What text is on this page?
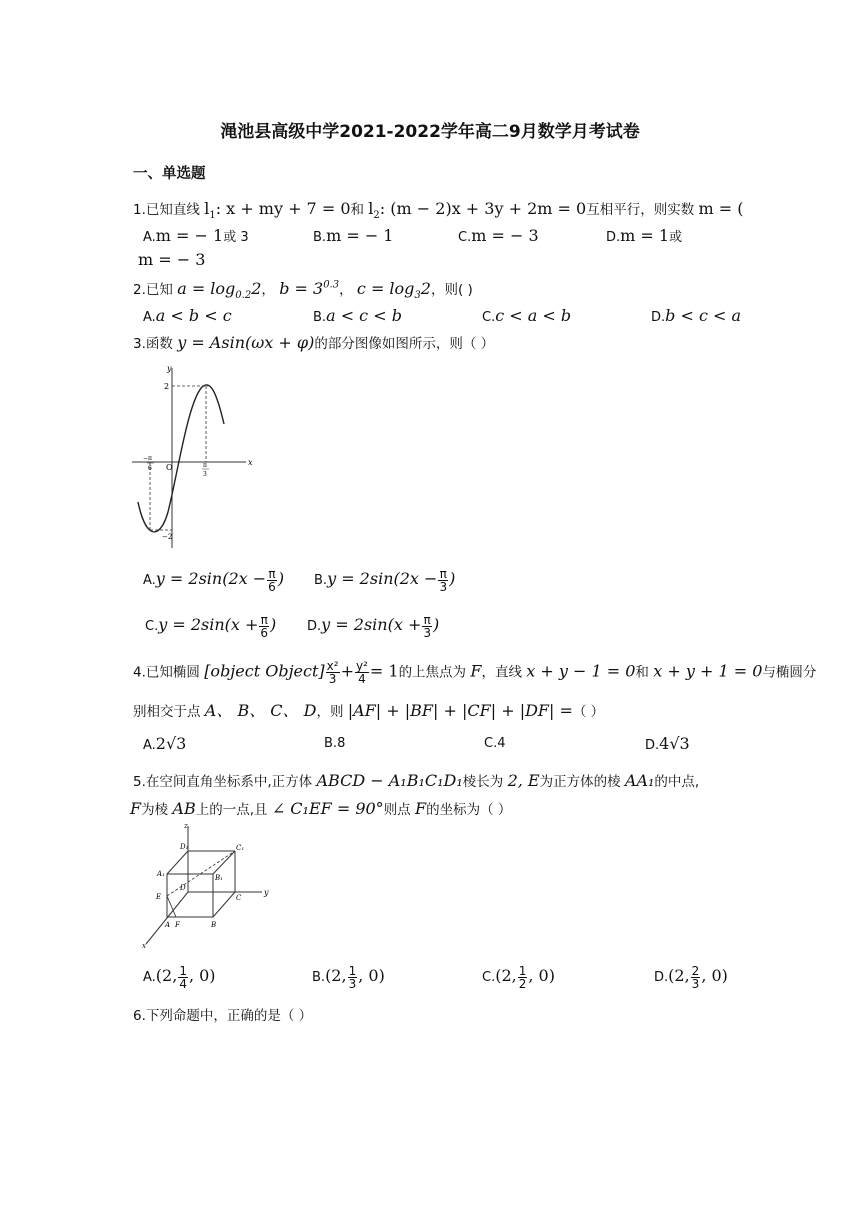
渑池县高级中学2021-2022学年高二9月数学月考试卷
一、单选题
1.已知直线 $l_1$: x + my + 7 = 0和 $l_2$: (m − 2)x + 3y + 2m = 0互相平行，则实数 m = (
A.m = − 1或 3	B.m = − 1	C.m = − 3	D.m = 1或
m = − 3
2.已知 $a = \log_{0.2}2$， $b = 3^{0.3}$， $c = \log_32$，则( )
A.a < b < c	B.a < c < b	C.c < a < b	D.b < c < a
3.函数 y = Asin(ωx + φ)的部分图像如图所示，则（ ）
y
x
O
2
−2
− π
6	π
3
$A.y = 2\sin(2x - \frac{\pi}{6}$ ) $B.y = 2\sin(2x - \frac{\pi}{3}$ )
$C.y = 2\sin(x + \frac{\pi}{6}$ ) $D.y = 2\sin(x + \frac{\pi}{3}$ )
4.已知椭圆 [object Object] $\frac{\text{x²}}{3} + \frac{\text{y²}}{4} = 1$的上焦点为 F，直线 x + y − 1 = 0和 x + y + 1 = 0与椭圆分
别相交于点 A、 B、 C、 D，则 |AF| + |BF| + |CF| + |DF| =（ ）
A.2√3	B.8	C.4	D.4√3
5.在空间直角坐标系中,正方体 ABCD − A₁B₁C₁D₁棱长为 2, E为正方体的棱 AA₁的中点,
F为棱 AB上的一点,且 ∠ C₁EF = 90°则点 F的坐标为（ ）
z
y
x
D₁	C₁
A₁	B₁
D
C
E
A F	B
A.(2, $\frac{1}{4}$ , 0)	B.(2, $\frac{1}{3}$ , 0)	C.(2, $\frac{1}{2}$ , 0)	D.(2, $\frac{2}{3}$ , 0)
6.下列命题中，正确的是（ ）
